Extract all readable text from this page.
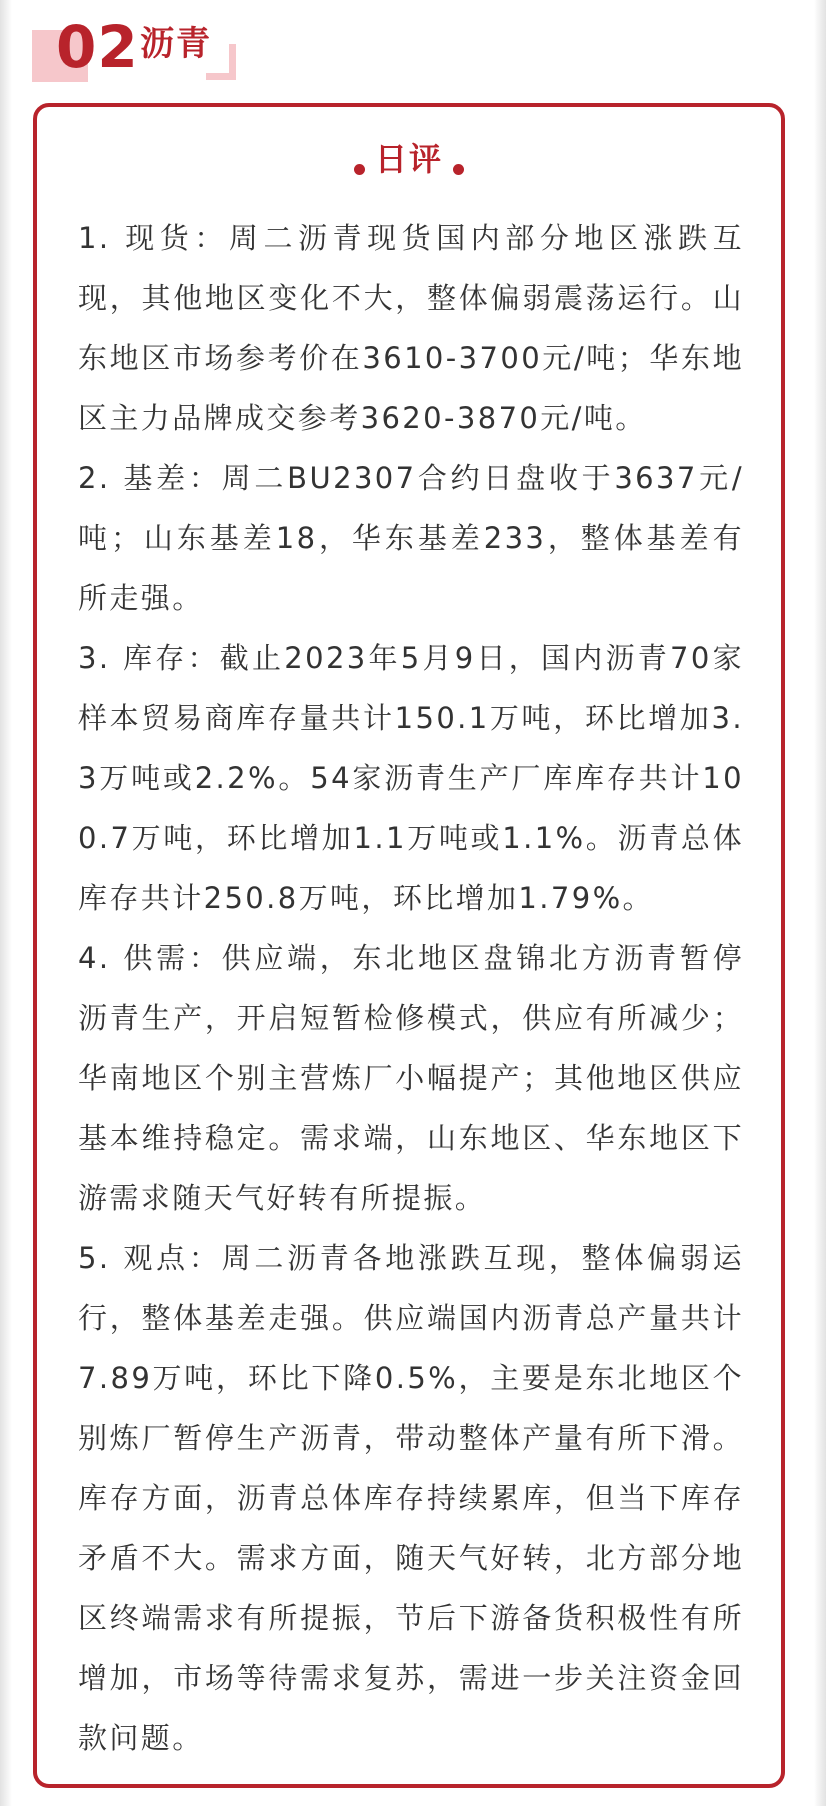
02 沥青
日评

1. 现货：周二沥青现货国内部分地区涨跌互现，其他地区变化不大，整体偏弱震荡运行。山东地区市场参考价在3610-3700元/吨；华东地区主力品牌成交参考3620-3870元/吨。

2. 基差：周二BU2307合约日盘收于3637元/吨；山东基差18，华东基差233，整体基差有所走强。

3. 库存：截止2023年5月9日，国内沥青70家样本贸易商库存量共计150.1万吨，环比增加3.3万吨或2.2%。54家沥青生产厂库库存共计100.7万吨，环比增加1.1万吨或1.1%。沥青总体库存共计250.8万吨，环比增加1.79%。

4. 供需：供应端，东北地区盘锦北方沥青暂停沥青生产，开启短暂检修模式，供应有所减少；华南地区个别主营炼厂小幅提产；其他地区供应基本维持稳定。需求端，山东地区、华东地区下游需求随天气好转有所提振。

5. 观点：周二沥青各地涨跌互现，整体偏弱运行，整体基差走强。供应端国内沥青总产量共计7.89万吨，环比下降0.5%，主要是东北地区个别炼厂暂停生产沥青，带动整体产量有所下滑。库存方面，沥青总体库存持续累库，但当下库存矛盾不大。需求方面，随天气好转，北方部分地区终端需求有所提振，节后下游备货积极性有所增加，市场等待需求复苏，需进一步关注资金回款问题。
